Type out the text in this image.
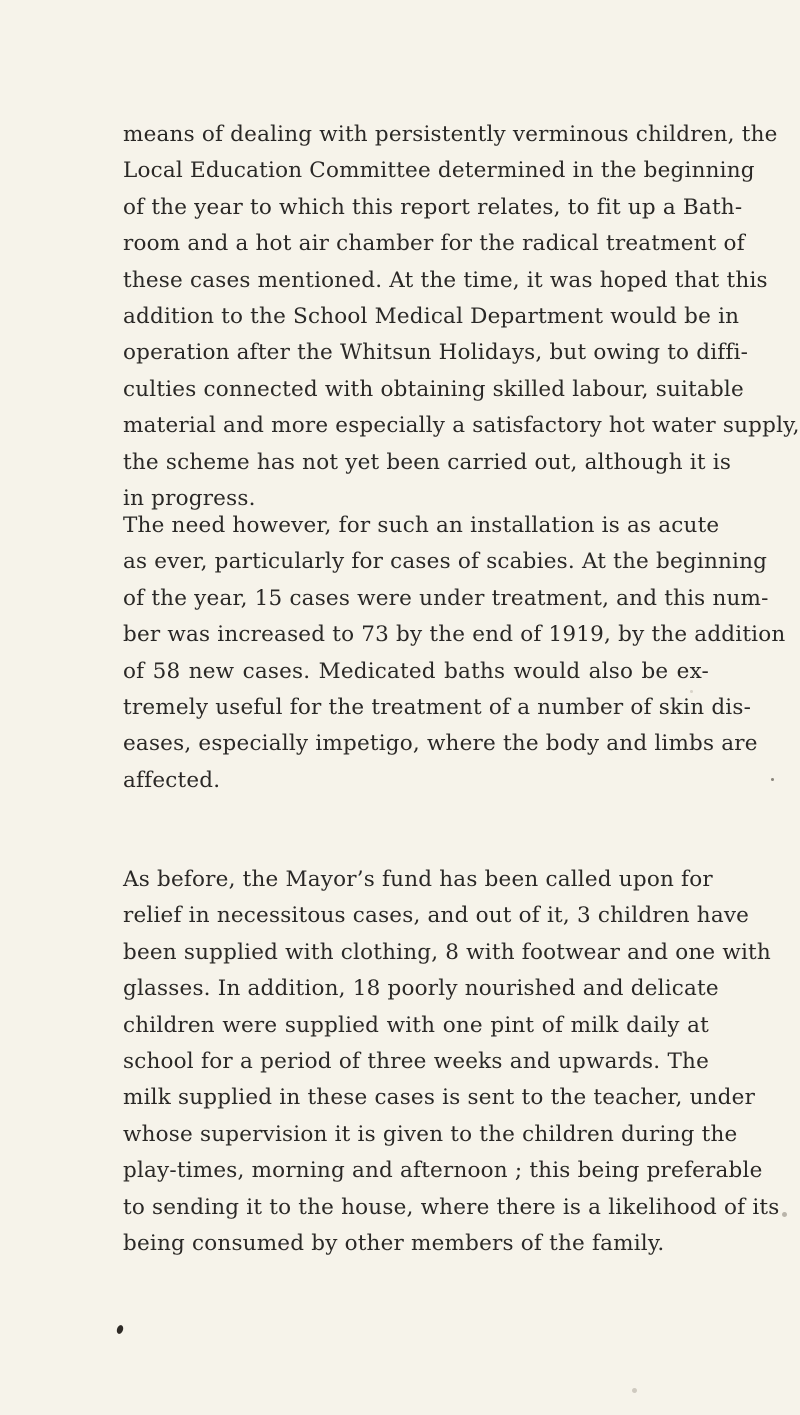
means of dealing with persistently verminous children, the
Local Education Committee determined in the beginning
of the year to which this report relates, to fit up a Bath-
room and a hot air chamber for the radical treatment of
these cases mentioned. At the time, it was hoped that this
addition to the School Medical Department would be in
operation after the Whitsun Holidays, but owing to diffi-
culties connected with obtaining skilled labour, suitable
material and more especially a satisfactory hot water supply,
the scheme has not yet been carried out, although it is
in progress.
The need however, for such an installation is as acute
as ever, particularly for cases of scabies. At the beginning
of the year, 15 cases were under treatment, and this num-
ber was increased to 73 by the end of 1919, by the addition
of 58 new cases. Medicated baths would also be ex-
tremely useful for the treatment of a number of skin dis-
eases, especially impetigo, where the body and limbs are
affected.
As before, the Mayor’s fund has been called upon for
relief in necessitous cases, and out of it, 3 children have
been supplied with clothing, 8 with footwear and one with
glasses. In addition, 18 poorly nourished and delicate
children were supplied with one pint of milk daily at
school for a period of three weeks and upwards. The
milk supplied in these cases is sent to the teacher, under
whose supervision it is given to the children during the
play-times, morning and afternoon ; this being preferable
to sending it to the house, where there is a likelihood of its
being consumed by other members of the family.
